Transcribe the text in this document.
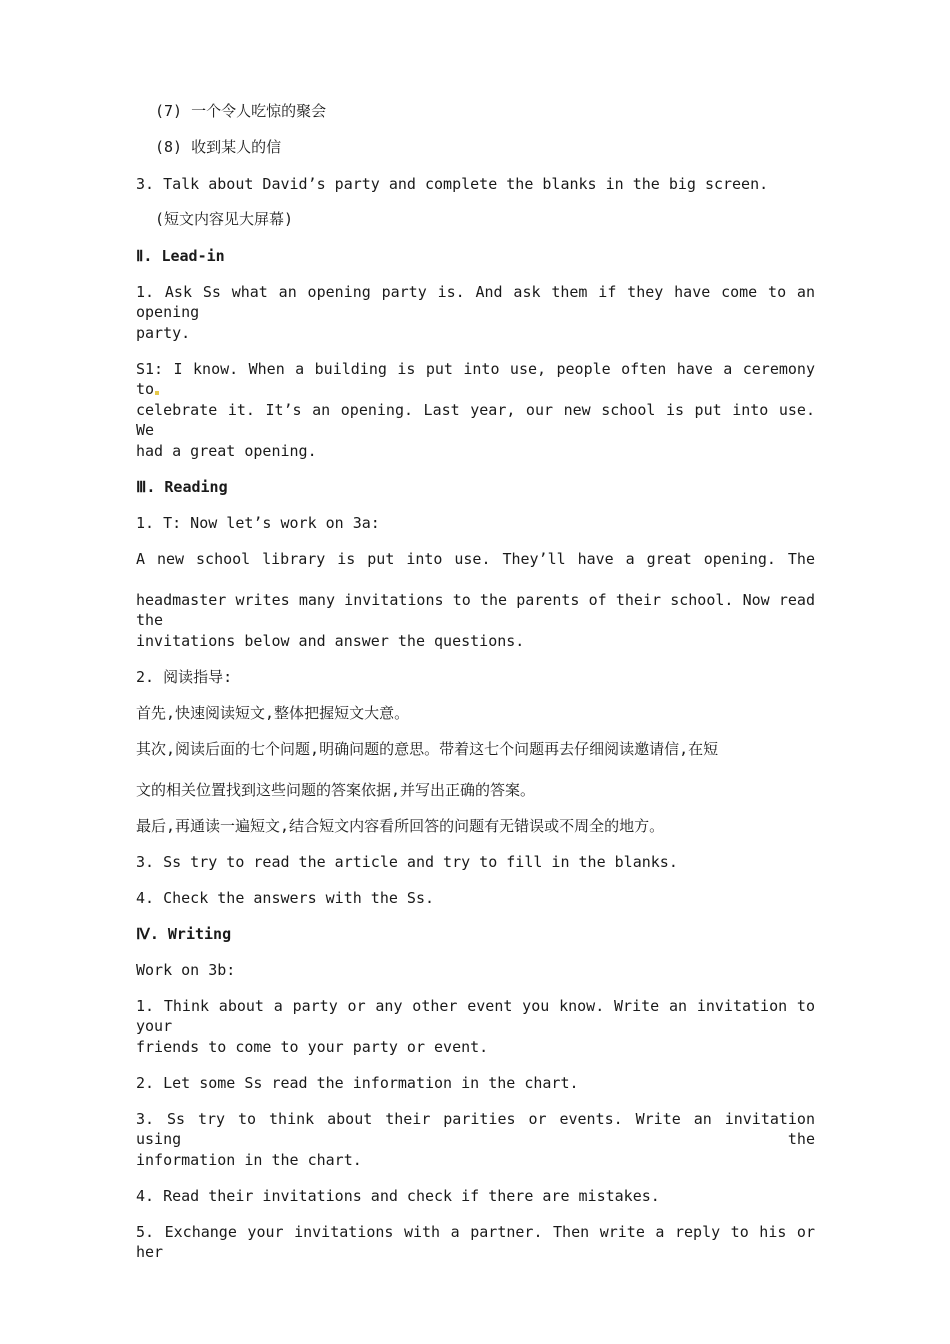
(7) 一个令人吃惊的聚会
(8) 收到某人的信
3. Talk about David’s party and complete the blanks in the big screen.
(短文内容见大屏幕)
Ⅱ. Lead-in
1. Ask Ss what an opening party is. And ask them if they have come to an opening
party.
S1: I know. When a building is put into use, people often have a ceremony to
celebrate it. It’s an opening. Last year, our new school is put into use. We
had a great opening.
Ⅲ. Reading
1. T: Now let’s work on 3a:
A new school library is put into use. They’ll have a great opening. The
headmaster writes many invitations to the parents of their school. Now read the
invitations below and answer the questions.
2. 阅读指导:
首先,快速阅读短文,整体把握短文大意。
其次,阅读后面的七个问题,明确问题的意思。带着这七个问题再去仔细阅读邀请信,在短
文的相关位置找到这些问题的答案依据,并写出正确的答案。
最后,再通读一遍短文,结合短文内容看所回答的问题有无错误或不周全的地方。
3. Ss try to read the article and try to fill in the blanks.
4. Check the answers with the Ss.
Ⅳ. Writing
Work on 3b:
1. Think about a party or any other event you know. Write an invitation to your
friends to come to your party or event.
2. Let some Ss read the information in the chart.
3. Ss try to think about their parities or events. Write an invitation using the
information in the chart.
4. Read their invitations and check if there are mistakes.
5. Exchange your invitations with a partner. Then write a reply to his or her
